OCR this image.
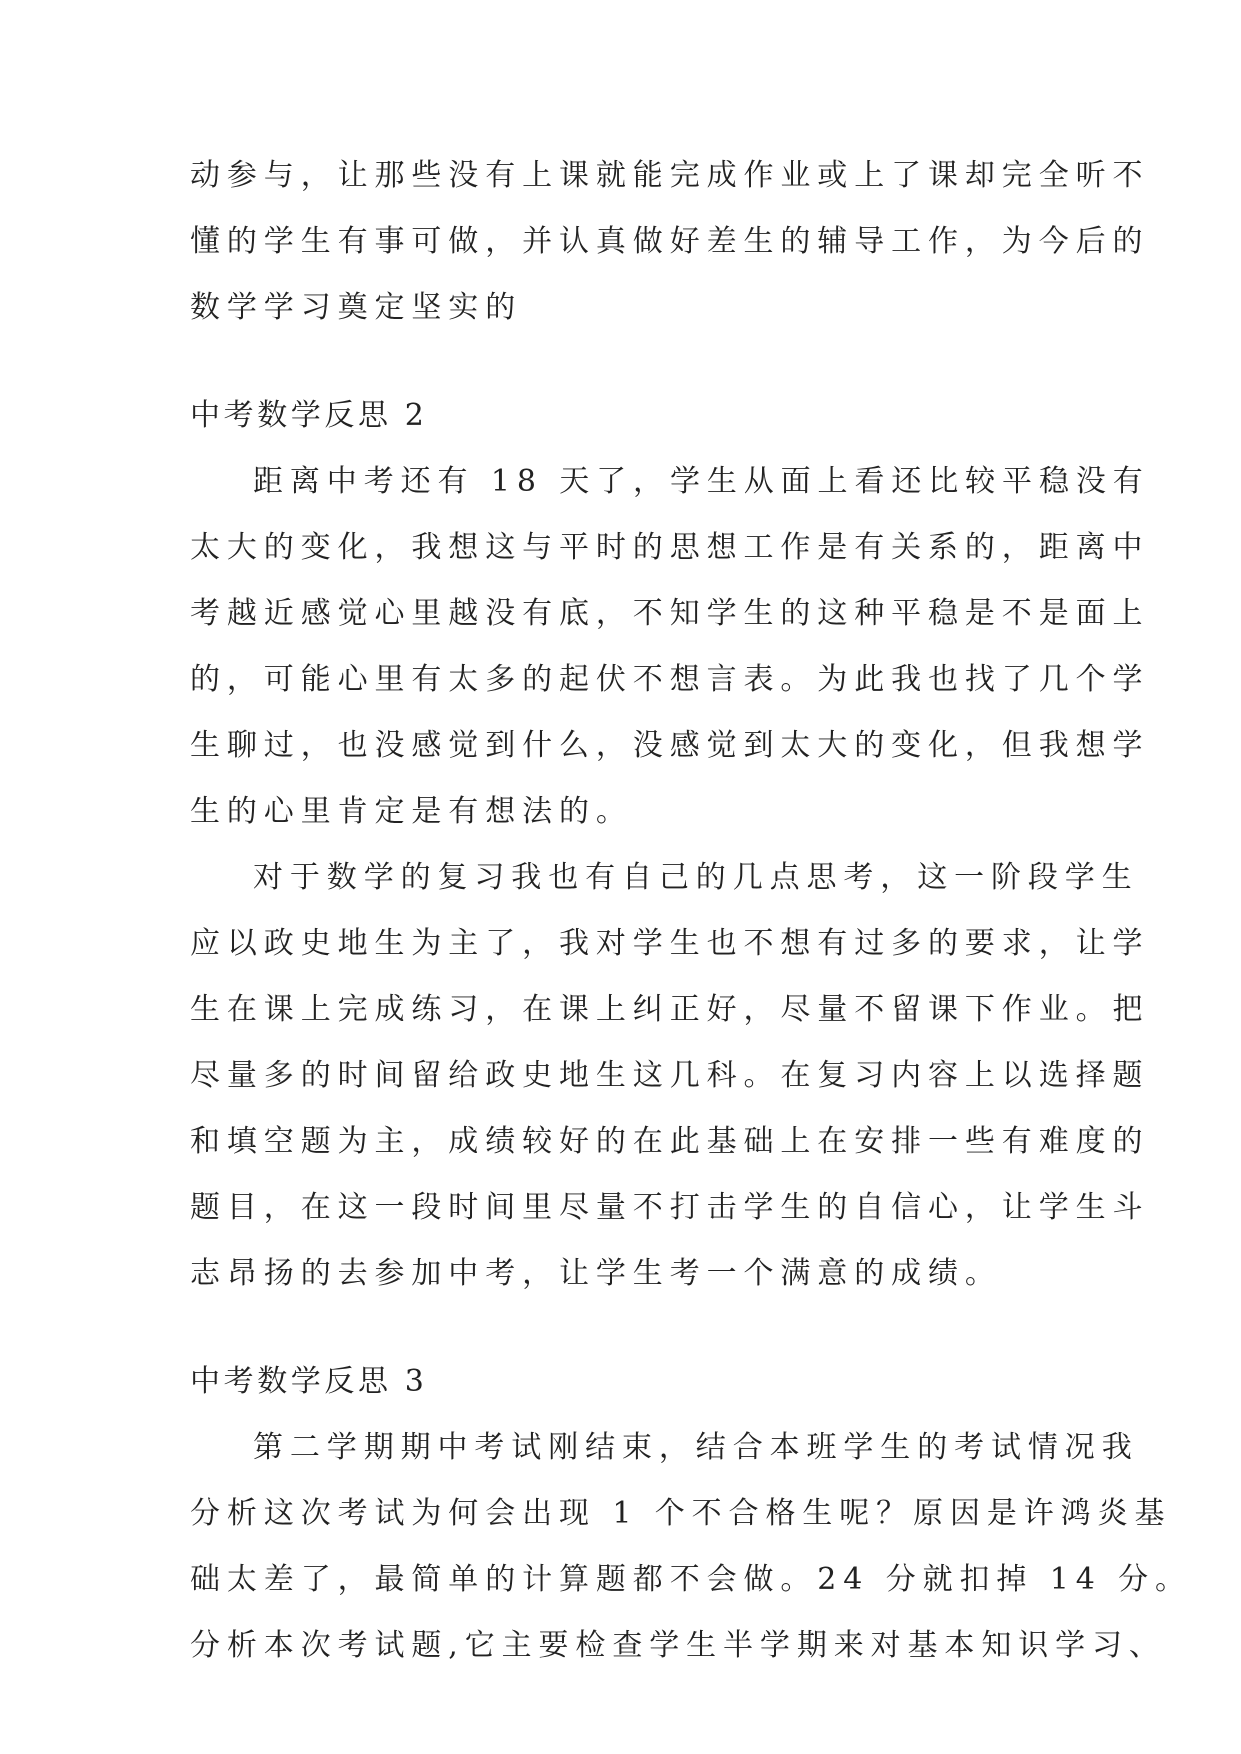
动参与，让那些没有上课就能完成作业或上了课却完全听不
懂的学生有事可做，并认真做好差生的辅导工作，为今后的
数学学习奠定坚实的
中考数学反思 2
距离中考还有 18 天了，学生从面上看还比较平稳没有
太大的变化，我想这与平时的思想工作是有关系的，距离中
考越近感觉心里越没有底，不知学生的这种平稳是不是面上
的，可能心里有太多的起伏不想言表。为此我也找了几个学
生聊过，也没感觉到什么，没感觉到太大的变化，但我想学
生的心里肯定是有想法的。
对于数学的复习我也有自己的几点思考，这一阶段学生
应以政史地生为主了，我对学生也不想有过多的要求，让学
生在课上完成练习，在课上纠正好，尽量不留课下作业。把
尽量多的时间留给政史地生这几科。在复习内容上以选择题
和填空题为主，成绩较好的在此基础上在安排一些有难度的
题目，在这一段时间里尽量不打击学生的自信心，让学生斗
志昂扬的去参加中考，让学生考一个满意的成绩。
中考数学反思 3
第二学期期中考试刚结束，结合本班学生的考试情况我
分析这次考试为何会出现 1 个不合格生呢？原因是许鸿炎基
础太差了，最简单的计算题都不会做。24 分就扣掉 14 分。
分析本次考试题,它主要检查学生半学期来对基本知识学习、
